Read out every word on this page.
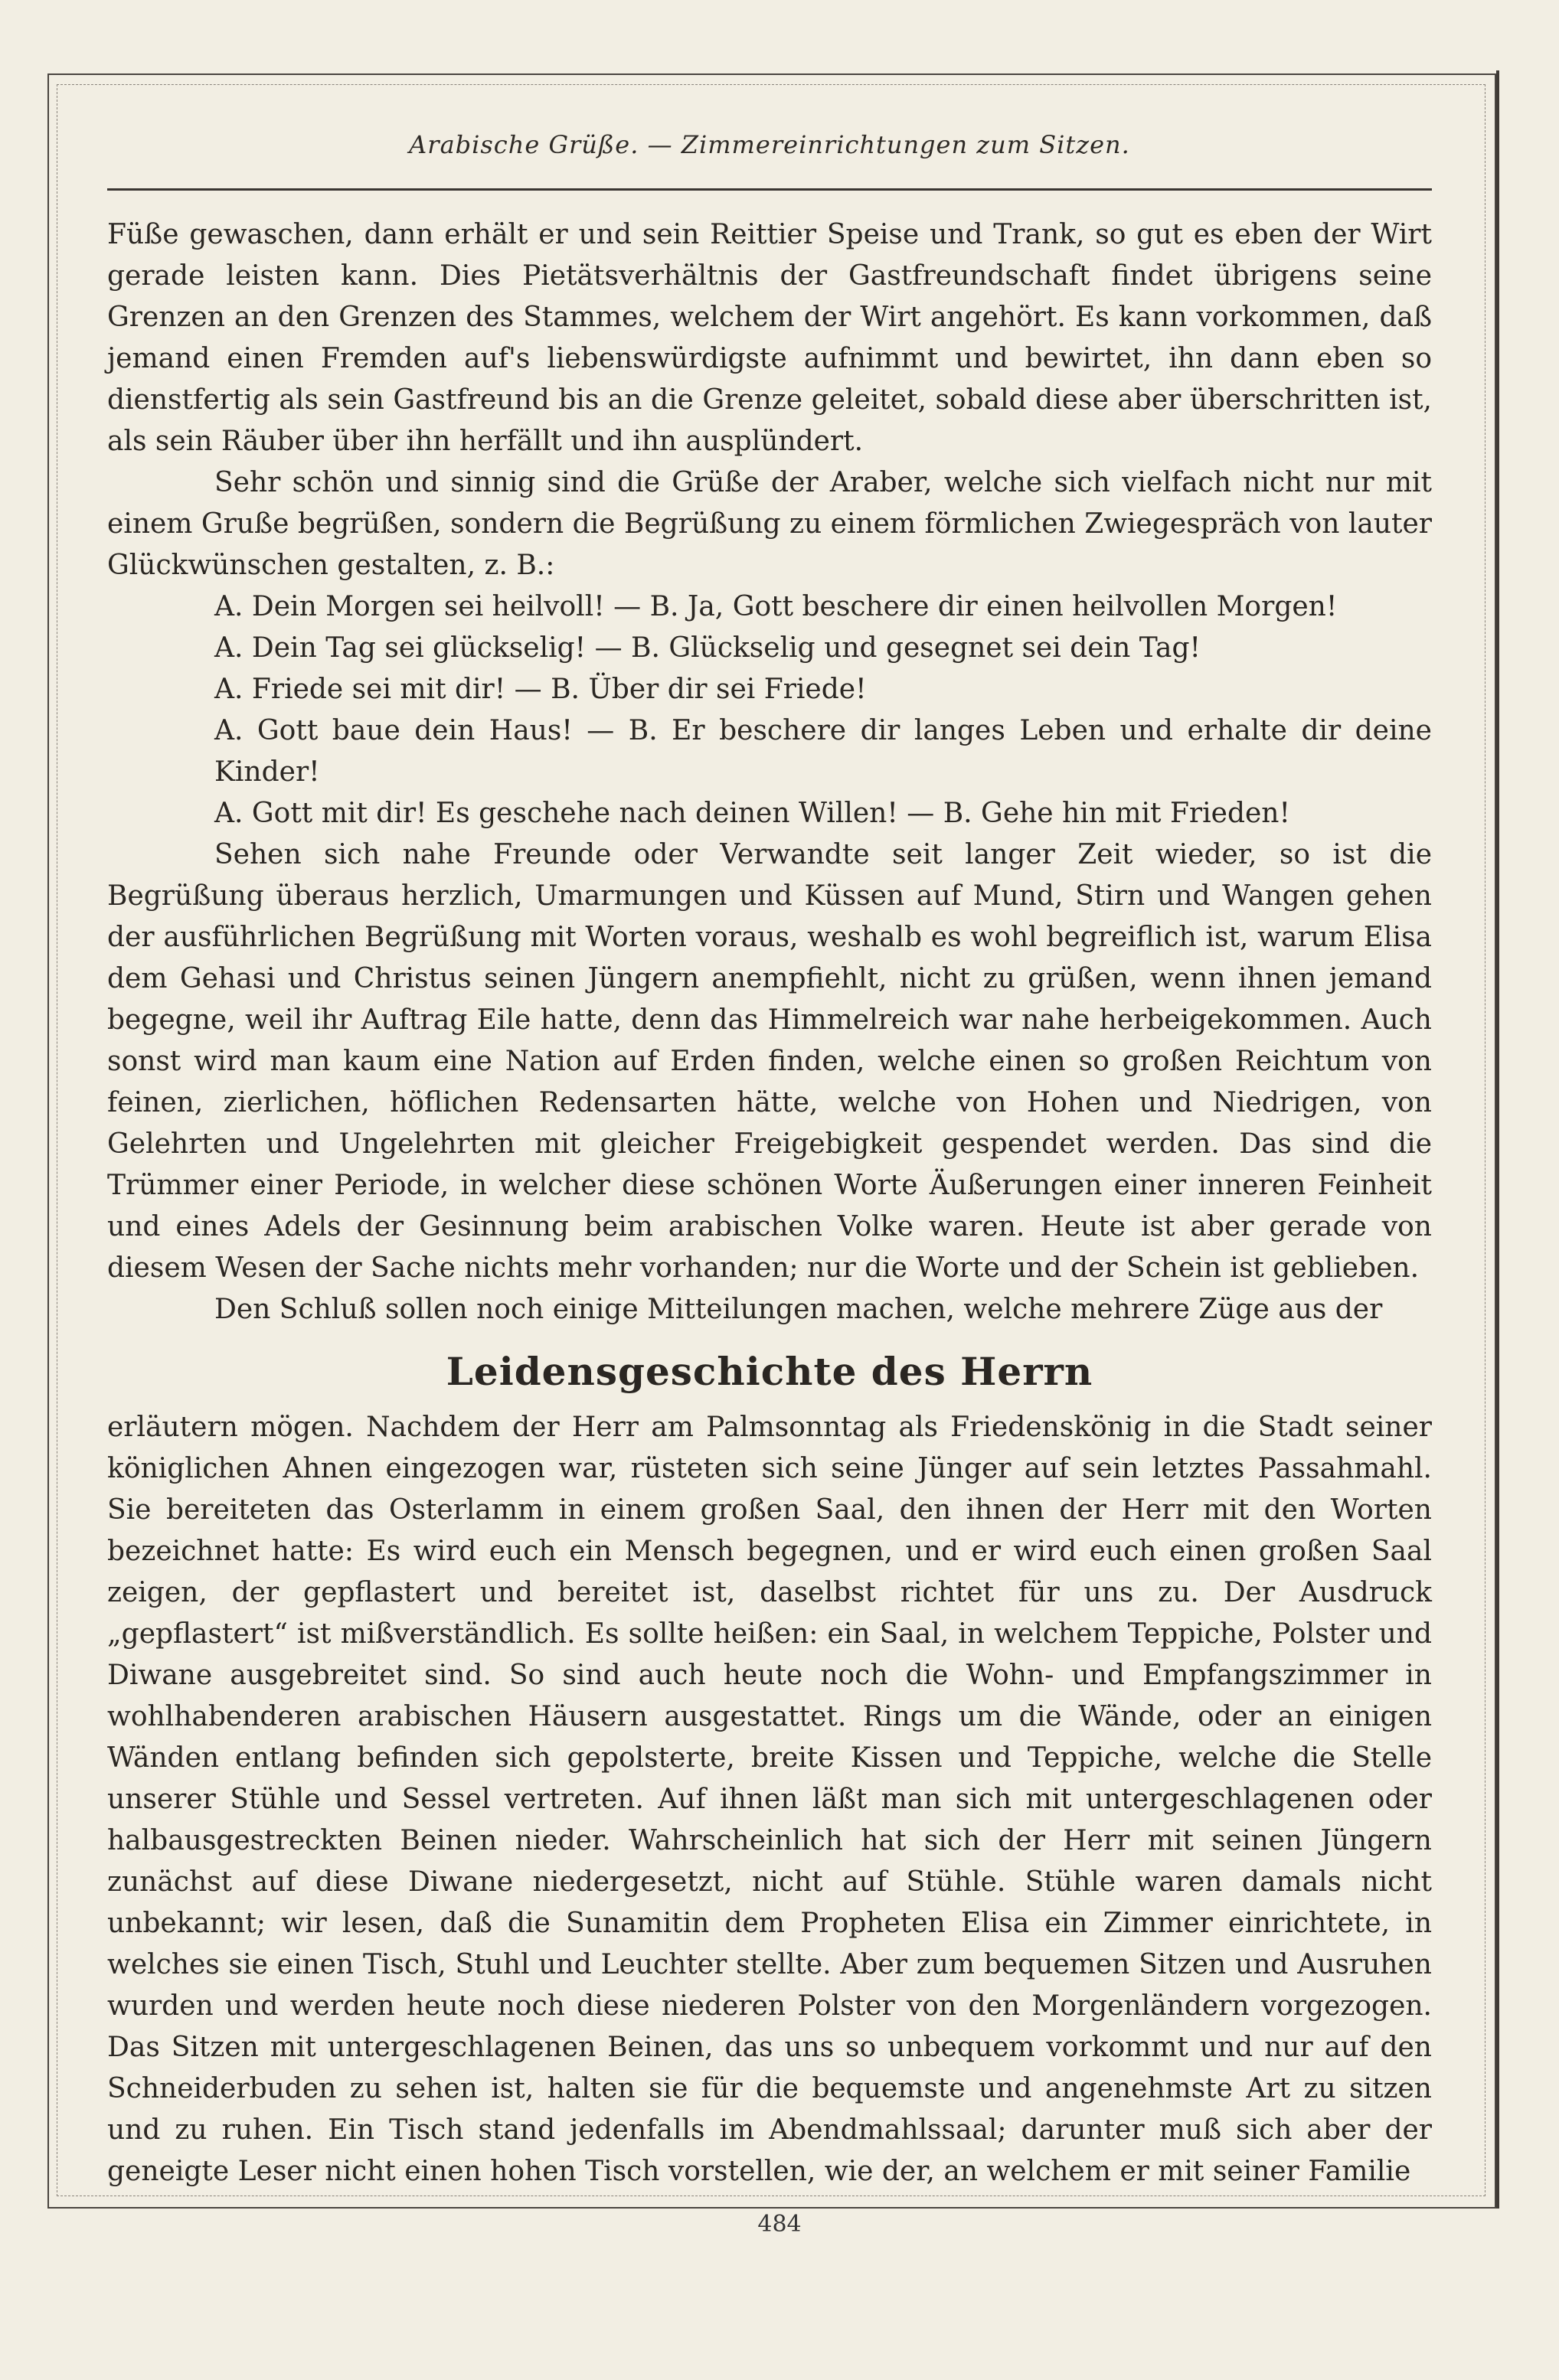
Arabische Grüße. — Zimmereinrichtungen zum Sitzen.

Füße gewaschen, dann erhält er und sein Reittier Speise und Trank, so gut es eben der Wirt gerade leisten kann. Dies Pietätsverhältnis der Gastfreundschaft findet übrigens seine Grenzen an den Grenzen des Stammes, welchem der Wirt angehört. Es kann vorkommen, daß jemand einen Fremden auf's liebenswürdigste aufnimmt und bewirtet, ihn dann eben so dienstfertig als sein Gastfreund bis an die Grenze geleitet, sobald diese aber überschritten ist, als sein Räuber über ihn herfällt und ihn ausplündert.

Sehr schön und sinnig sind die Grüße der Araber, welche sich vielfach nicht nur mit einem Gruße begrüßen, sondern die Begrüßung zu einem förmlichen Zwiegespräch von lauter Glückwünschen gestalten, z. B.:

A. Dein Morgen sei heilvoll! — B. Ja, Gott beschere dir einen heilvollen Morgen!

A. Dein Tag sei glückselig! — B. Glückselig und gesegnet sei dein Tag!

A. Friede sei mit dir! — B. Über dir sei Friede!

A. Gott baue dein Haus! — B. Er beschere dir langes Leben und erhalte dir deine Kinder!

A. Gott mit dir! Es geschehe nach deinen Willen! — B. Gehe hin mit Frieden!

Sehen sich nahe Freunde oder Verwandte seit langer Zeit wieder, so ist die Begrüßung überaus herzlich, Umarmungen und Küssen auf Mund, Stirn und Wangen gehen der ausführlichen Begrüßung mit Worten voraus, weshalb es wohl begreiflich ist, warum Elisa dem Gehasi und Christus seinen Jüngern anempfiehlt, nicht zu grüßen, wenn ihnen jemand begegne, weil ihr Auftrag Eile hatte, denn das Himmelreich war nahe herbeigekommen. Auch sonst wird man kaum eine Nation auf Erden finden, welche einen so großen Reichtum von feinen, zierlichen, höflichen Redensarten hätte, welche von Hohen und Niedrigen, von Gelehrten und Ungelehrten mit gleicher Freigebigkeit gespendet werden. Das sind die Trümmer einer Periode, in welcher diese schönen Worte Äußerungen einer inneren Feinheit und eines Adels der Gesinnung beim arabischen Volke waren. Heute ist aber gerade von diesem Wesen der Sache nichts mehr vorhanden; nur die Worte und der Schein ist geblieben.

Den Schluß sollen noch einige Mitteilungen machen, welche mehrere Züge aus der

Leidensgeschichte des Herrn

erläutern mögen. Nachdem der Herr am Palmsonntag als Friedenskönig in die Stadt seiner königlichen Ahnen eingezogen war, rüsteten sich seine Jünger auf sein letztes Passahmahl. Sie bereiteten das Osterlamm in einem großen Saal, den ihnen der Herr mit den Worten bezeichnet hatte: Es wird euch ein Mensch begegnen, und er wird euch einen großen Saal zeigen, der gepflastert und bereitet ist, daselbst richtet für uns zu. Der Ausdruck „gepflastert“ ist mißverständlich. Es sollte heißen: ein Saal, in welchem Teppiche, Polster und Diwane ausgebreitet sind. So sind auch heute noch die Wohn- und Empfangszimmer in wohlhabenderen arabischen Häusern ausgestattet. Rings um die Wände, oder an einigen Wänden entlang befinden sich gepolsterte, breite Kissen und Teppiche, welche die Stelle unserer Stühle und Sessel vertreten. Auf ihnen läßt man sich mit untergeschlagenen oder halbausgestreckten Beinen nieder. Wahrscheinlich hat sich der Herr mit seinen Jüngern zunächst auf diese Diwane niedergesetzt, nicht auf Stühle. Stühle waren damals nicht unbekannt; wir lesen, daß die Sunamitin dem Propheten Elisa ein Zimmer einrichtete, in welches sie einen Tisch, Stuhl und Leuchter stellte. Aber zum bequemen Sitzen und Ausruhen wurden und werden heute noch diese niederen Polster von den Morgenländern vorgezogen. Das Sitzen mit untergeschlagenen Beinen, das uns so unbequem vorkommt und nur auf den Schneiderbuden zu sehen ist, halten sie für die bequemste und angenehmste Art zu sitzen und zu ruhen. Ein Tisch stand jedenfalls im Abendmahlssaal; darunter muß sich aber der geneigte Leser nicht einen hohen Tisch vorstellen, wie der, an welchem er mit seiner Familie

484
